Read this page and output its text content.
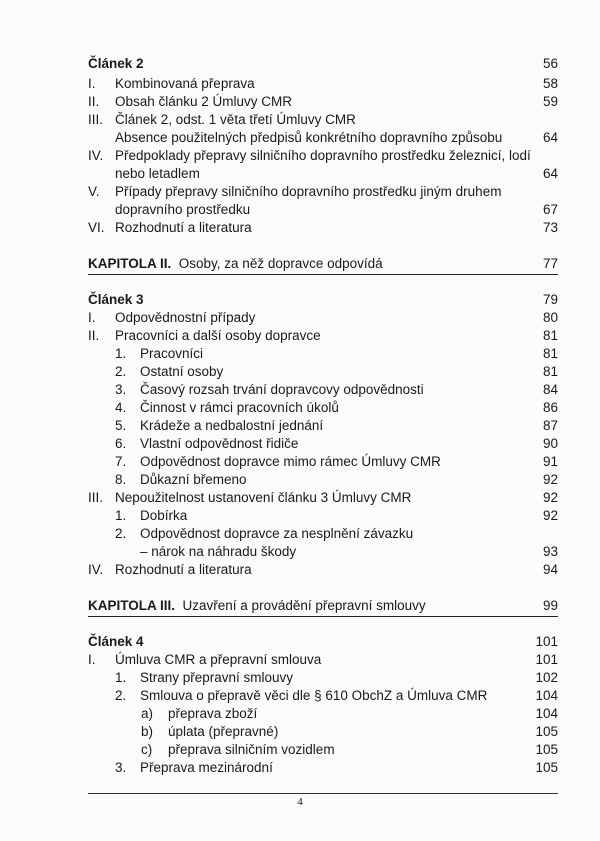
Článek 2	56
I. Kombinovaná přeprava	58
II. Obsah článku 2 Úmluvy CMR	59
III. Článek 2, odst. 1 věta třetí Úmluvy CMR
Absence použitelných předpisů konkrétního dopravního způsobu	64
IV. Předpoklady přepravy silničního dopravního prostředku železnicí, lodí
nebo letadlem	64
V. Případy přepravy silničního dopravního prostředku jiným druhem
dopravního prostředku	67
VI. Rozhodnutí a literatura	73
KAPITOLA II. Osoby, za něž dopravce odpovídá	77
Článek 3	79
I. Odpovědnostní případy	80
II. Pracovníci a další osoby dopravce	81
1. Pracovníci	81
2. Ostatní osoby	81
3. Časový rozsah trvání dopravcovy odpovědnosti	84
4. Činnost v rámci pracovních úkolů	86
5. Krádeže a nedbalostní jednání	87
6. Vlastní odpovědnost řidiče	90
7. Odpovědnost dopravce mimo rámec Úmluvy CMR	91
8. Důkazní břemeno	92
III. Nepoužitelnost ustanovení článku 3 Úmluvy CMR	92
1. Dobírka	92
2. Odpovědnost dopravce za nesplnění závazku
– nárok na náhradu škody	93
IV. Rozhodnutí a literatura	94
KAPITOLA III. Uzavření a provádění přepravní smlouvy	99
Článek 4	101
I. Úmluva CMR a přepravní smlouva	101
1. Strany přepravní smlouvy	102
2. Smlouva o přepravě věci dle § 610 ObchZ a Úmluva CMR	104
a) přeprava zboží	104
b) úplata (přepravné)	105
c) přeprava silničním vozidlem	105
3. Přeprava mezinárodní	105
4
